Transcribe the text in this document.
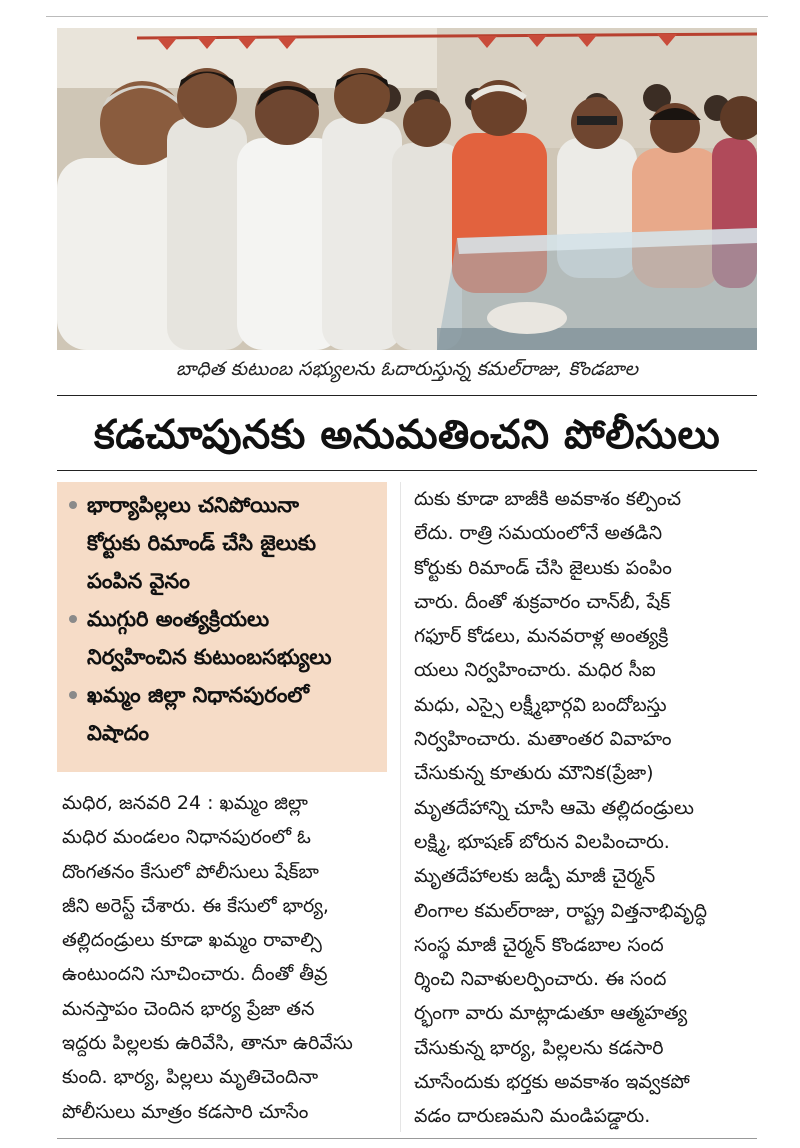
బాధిత కుటుంబ సభ్యులను ఓదారుస్తున్న కమల్‌రాజు, కొండబాల
కడచూపునకు అనుమతించని పోలీసులు
భార్యాపిల్లలు చనిపోయినా
కోర్టుకు రిమాండ్‌ చేసి జైలుకు
పంపిన వైనం
ముగ్గురి అంత్యక్రియలు
నిర్వహించిన కుటుంబసభ్యులు
ఖమ్మం జిల్లా నిధానపురంలో
విషాదం
మధిర, జనవరి 24 : ఖమ్మం జిల్లా
మధిర మండలం నిధానపురంలో ఓ
దొంగతనం కేసులో పోలీసులు షేక్‌బా
జీని అరెస్ట్‌ చేశారు. ఈ కేసులో భార్య,
తల్లిదండ్రులు కూడా ఖమ్మం రావాల్సి
ఉంటుందని సూచించారు. దీంతో తీవ్ర
మనస్తాపం చెందిన భార్య ప్రేజా తన
ఇద్దరు పిల్లలకు ఉరివేసి, తానూ ఉరివేసు
కుంది. భార్య, పిల్లలు మృతిచెందినా
పోలీసులు మాత్రం కడసారి చూసేం
దుకు కూడా బాజీకి అవకాశం కల్పించ
లేదు. రాత్రి సమయంలోనే అతడిని
కోర్టుకు రిమాండ్‌ చేసి జైలుకు పంపిం
చారు. దీంతో శుక్రవారం చాన్‌బీ, షేక్‌
గఫూర్‌ కోడలు, మనవరాళ్ల అంత్యక్రి
యలు నిర్వహించారు. మధిర సీఐ
మధు, ఎస్సై లక్ష్మీభార్గవి బందోబస్తు
నిర్వహించారు. మతాంతర వివాహం
చేసుకున్న కూతురు మౌనిక(ప్రేజా)
మృతదేహాన్ని చూసి ఆమె తల్లిదండ్రులు
లక్ష్మి, భూషణ్‌ బోరున విలపించారు.
మృతదేహాలకు జడ్పీ మాజీ చైర్మన్‌
లింగాల కమల్‌రాజు, రాష్ట్ర విత్తనాభివృద్ధి
సంస్థ మాజీ చైర్మన్‌ కొండబాల సంద
ర్శించి నివాళులర్పించారు. ఈ సంద
ర్భంగా వారు మాట్లాడుతూ ఆత్మహత్య
చేసుకున్న భార్య, పిల్లలను కడసారి
చూసేందుకు భర్తకు అవకాశం ఇవ్వకపో
వడం దారుణమని మండిపడ్డారు.
